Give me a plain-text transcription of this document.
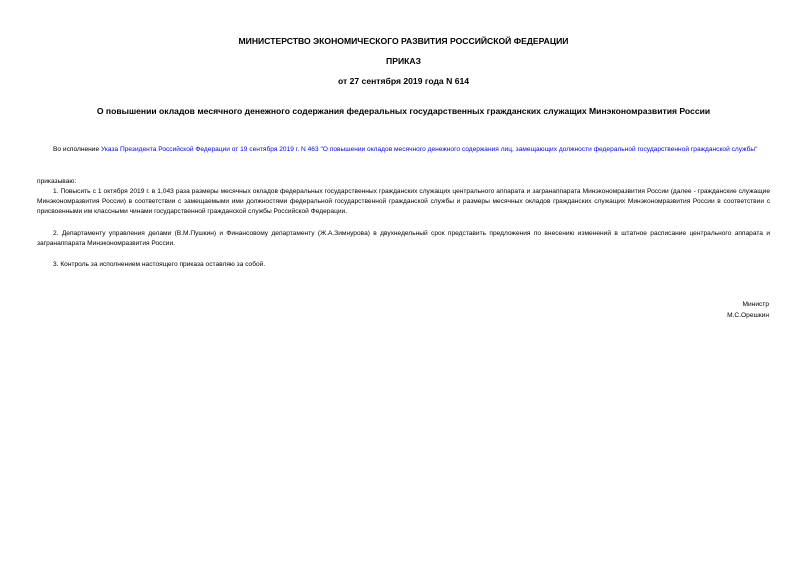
МИНИСТЕРСТВО ЭКОНОМИЧЕСКОГО РАЗВИТИЯ РОССИЙСКОЙ ФЕДЕРАЦИИ
ПРИКАЗ
от 27 сентября 2019 года N 614
О повышении окладов месячного денежного содержания федеральных государственных гражданских служащих Минэкономразвития России
Во исполнение Указа Президента Российской Федерации от 19 сентября 2019 г. N 463 "О повышении окладов месячного денежного содержания лиц, замещающих должности федеральной государственной гражданской службы"
приказываю:
1. Повысить с 1 октября 2019 г. в 1,043 раза размеры месячных окладов федеральных государственных гражданских служащих центрального аппарата и загранаппарата Минэкономразвития России (далее - гражданские служащие Минэкономразвития России) в соответствии с замещаемыми ими должностями федеральной государственной гражданской службы и размеры месячных окладов гражданских служащих Минэкономразвития России в соответствии с присвоенными им классными чинами государственной гражданской службы Российской Федерации.
2. Департаменту управления делами (В.М.Пушкин) и Финансовому департаменту (Ж.А.Зимнурова) в двухнедельный срок представить предложения по внесению изменений в штатное расписание центрального аппарата и загранаппарата Минэкономразвития России.
3. Контроль за исполнением настоящего приказа оставляю за собой.
Министр
М.С.Орешкин
